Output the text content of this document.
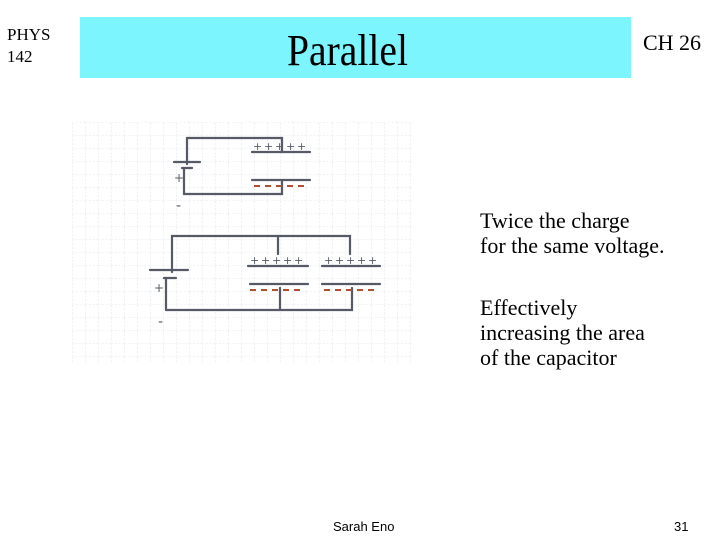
PHYS
142	Parallel	CH 26
+
-
+ + + + +
+
-
+ + + + + + + + + +
Twice the charge
for the same voltage.
Effectively
increasing the area
of the capacitor
Sarah Eno	31
